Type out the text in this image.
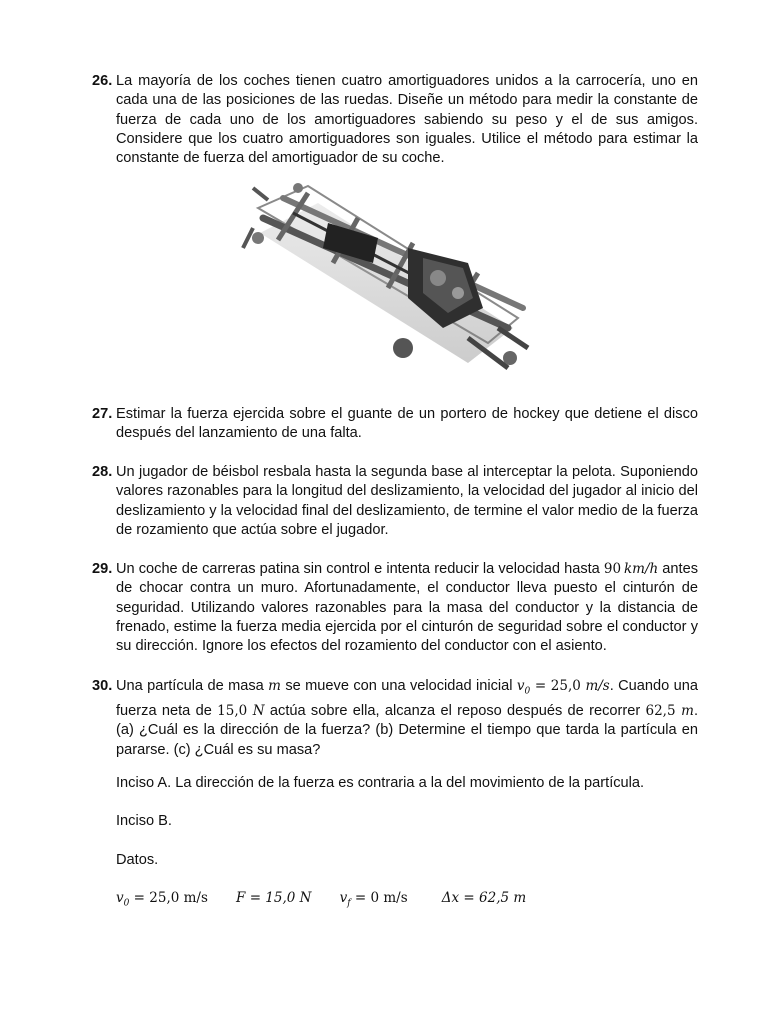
26. La mayoría de los coches tienen cuatro amortiguadores unidos a la carrocería, uno en cada una de las posiciones de las ruedas. Diseñe un método para medir la constante de fuerza de cada uno de los amortiguadores sabiendo su peso y el de sus amigos. Considere que los cuatro amortiguadores son iguales. Utilice el método para estimar la constante de fuerza del amortiguador de su coche.

27. Estimar la fuerza ejercida sobre el guante de un portero de hockey que detiene el disco después del lanzamiento de una falta.

28. Un jugador de béisbol resbala hasta la segunda base al interceptar la pelota. Suponiendo valores razonables para la longitud del deslizamiento, la velocidad del jugador al inicio del deslizamiento y la velocidad final del deslizamiento, de termine el valor medio de la fuerza de rozamiento que actúa sobre el jugador.

29. Un coche de carreras patina sin control e intenta reducir la velocidad hasta 90  km/h antes de chocar contra un muro. Afortunadamente, el conductor lleva puesto el cinturón de seguridad. Utilizando valores razonables para la masa del conductor y la distancia de frenado, estime la fuerza media ejercida por el cinturón de seguridad sobre el conductor y su dirección. Ignore los efectos del rozamiento del conductor con el asiento.

30. Una partícula de masa m se mueve con una velocidad inicial $v_0 = 25,0$ m/s. Cuando una fuerza neta de 15,0 N actúa sobre ella, alcanza el reposo después de recorrer 62,5 m. (a) ¿Cuál es la dirección de la fuerza? (b) Determine el tiempo que tarda la partícula en pararse. (c) ¿Cuál es su masa?

Inciso A. La dirección de la fuerza es contraria a la del movimiento de la partícula.
Inciso B.
Datos.
$v_0 = 25,0$ m/s F = 15,0 N $v_f = 0$ m/s	Δx = 62,5 m
